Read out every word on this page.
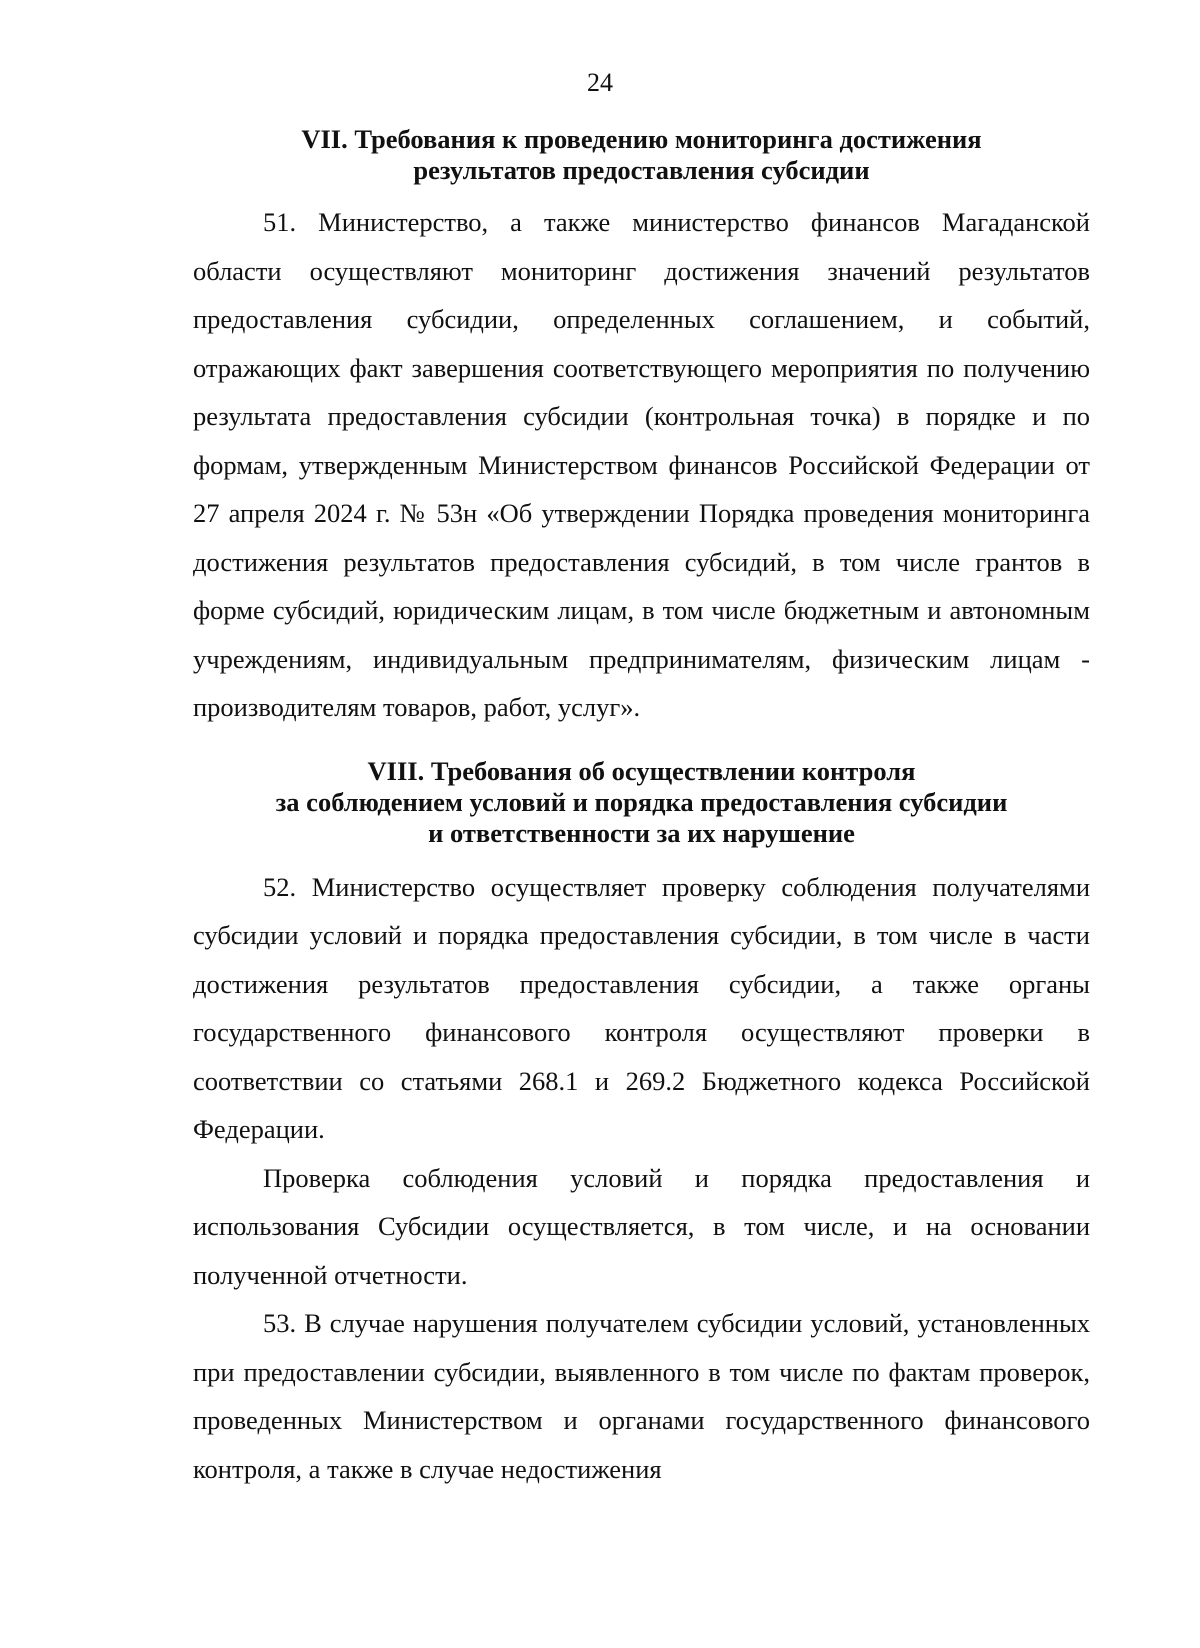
24
VII. Требования к проведению мониторинга достижения
результатов предоставления субсидии

51. Министерство, а также министерство финансов Магаданской области осуществляют мониторинг достижения значений результатов предоставления субсидии, определенных соглашением, и событий, отражающих факт завершения соответствующего мероприятия по получению результата предоставления субсидии (контрольная точка) в порядке и по формам, утвержденным Министерством финансов Российской Федерации от 27 апреля 2024 г. № 53н «Об утверждении Порядка проведения мониторинга достижения результатов предоставления субсидий, в том числе грантов в форме субсидий, юридическим лицам, в том числе бюджетным и автономным учреждениям, индивидуальным предпринимателям, физическим лицам - производителям товаров, работ, услуг».

VIII. Требования об осуществлении контроля
за соблюдением условий и порядка предоставления субсидии
и ответственности за их нарушение

52. Министерство осуществляет проверку соблюдения получателями субсидии условий и порядка предоставления субсидии, в том числе в части достижения результатов предоставления субсидии, а также органы государственного финансового контроля осуществляют проверки в соответствии со статьями 268.1 и 269.2 Бюджетного кодекса Российской Федерации.

Проверка соблюдения условий и порядка предоставления и использования Субсидии осуществляется, в том числе, и на основании полученной отчетности.

53. В случае нарушения получателем субсидии условий, установленных при предоставлении субсидии, выявленного в том числе по фактам проверок, проведенных Министерством и органами государственного финансового контроля, а также в случае недостижения
